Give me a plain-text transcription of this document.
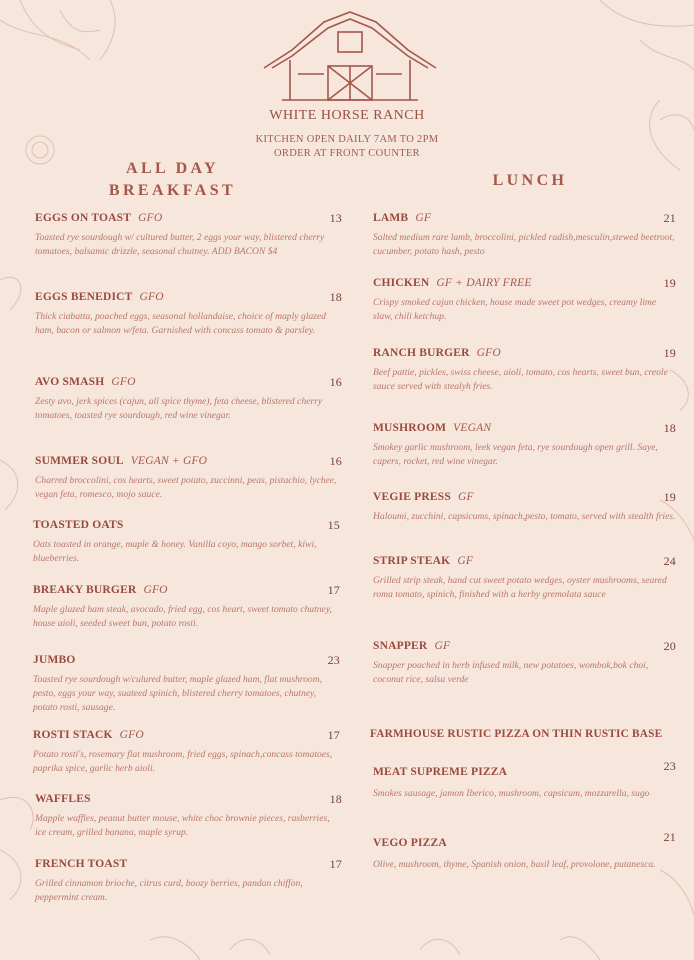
WHITE HORSE RANCH
KITCHEN OPEN DAILY 7AM TO 2PM
ORDER AT FRONT COUNTER
ALL DAY
BREAKFAST
LUNCH
EGGS ON TOAST GFO	13
Toasted rye sourdough w/ cultured butter, 2 eggs your way, blistered cherry tomatoes, balsamic drizzle, seasonal chutney. ADD BACON $4
EGGS BENEDICT GFO	18
Thick ciabatta, poached eggs, seasonal hollandaise, choice of maply glazed ham, bacon or salmon w/feta. Garnished with concass tomato & parsley.
AVO SMASH GFO	16
Zesty avo, jerk spices (cajun, all spice thyme), feta cheese, blistered cherry tomatoes, toasted rye sourdough, red wine vinegar.
SUMMER SOUL VEGAN + GFO	16
Charred broccolini, cos hearts, sweet potato, zuccinni, peas, pistachio, lychee, vegan feta, romesco, mojo sauce.
TOASTED OATS	15
Oats toasted in orange, maple & honey. Vanilla coyo, mango sorbet, kiwi, blueberries.
BREAKY BURGER GFO	17
Maple glazed ham steak, avocado, fried egg, cos heart, sweet tomato chutney, house aioli, seeded sweet bun, potato rosti.
JUMBO	23
Toasted rye sourdough w/culured butter, maple glazed ham, flat mushroom, pesto, eggs your way, suateed spinich, blistered cherry tomatoes, chutney, potato rosti, sausage.
ROSTI STACK GFO	17
Potato rosti's, rosemary flat mushroom, fried eggs, spinach,concass tomatoes, paprika spice, garlic herb aioli.
WAFFLES	18
Mapple waffles, peanut butter mouse, white choc brownie pieces, rasberries, ice cream, grilled banana, maple syrup.
FRENCH TOAST	17
Grilled cinnamon brioche, citrus curd, boozy berries, pandan chiffon, peppermint cream.
LAMB GF	21
Salted medium rare lamb, broccolini, pickled radish,mesculin,stewed beetroot, cucumber, potato hash, pesto
CHICKEN GF + DAIRY FREE	19
Crispy smoked cajun chicken, house made sweet pot wedges, creamy lime slaw, chili ketchup.
RANCH BURGER GFO	19
Beef pattie, pickles, swiss cheese, aioli, tomato, cos hearts, sweet bun, creole sauce served with stealyh fries.
MUSHROOM VEGAN	18
Smokey garlic mushroom, leek vegan feta, rye sourdough open grill. Saye, capers, rocket, red wine vinegar.
VEGIE PRESS GF	19
Haloumi, zucchini, capsicums, spinach,pesto, tomato, served with stealth fries.
STRIP STEAK GF	24
Grilled strip steak, hand cut sweet potato wedges, oyster mushrooms, seared roma tomato, spinich, finished with a herby gremolata sauce
SNAPPER GF	20
Snapper poached in herb infused milk, new potatoes, wombok,bok choi, coconut rice, salsa verde
FARMHOUSE RUSTIC PIZZA ON THIN RUSTIC BASE
MEAT SUPREME PIZZA	23
Smokes sausage, jamon Iberico, mushroom, capsicum, mozzarella, sugo
VEGO PIZZA	21
Olive, mushroom, thyme, Spanish onion, basil leaf, provolone, putanesca.
